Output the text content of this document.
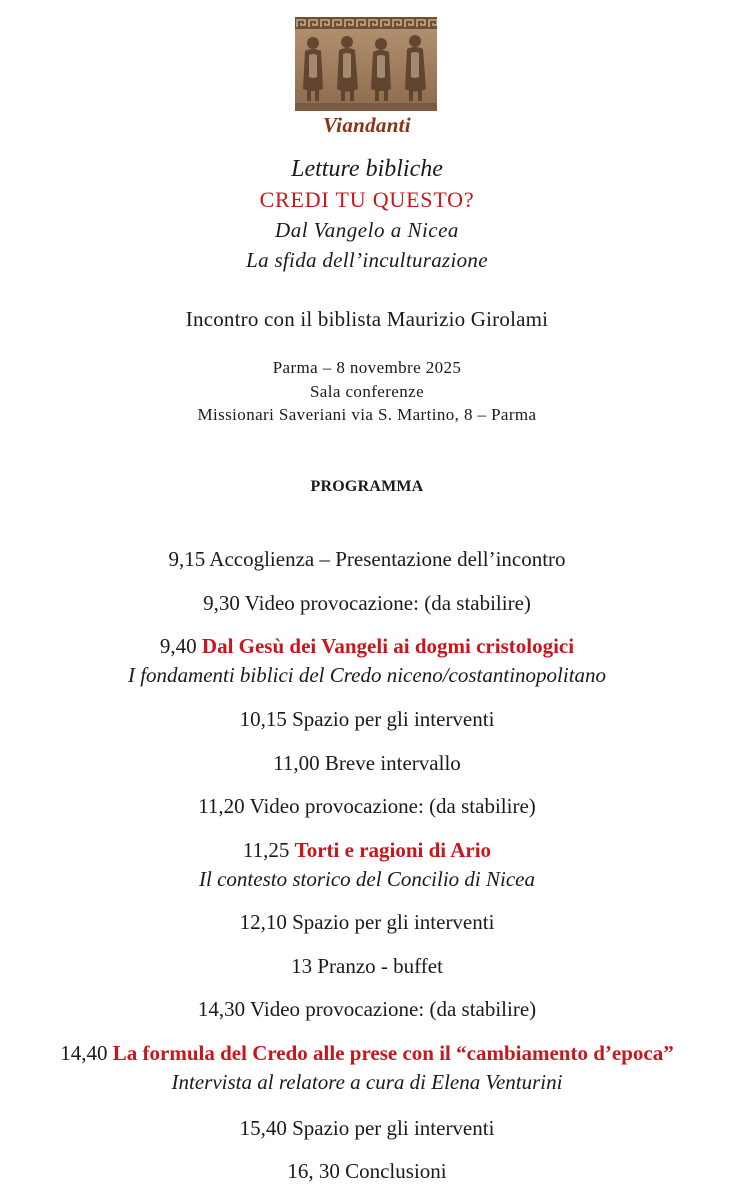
Viandanti
Letture bibliche
CREDI TU QUESTO?
Dal Vangelo a Nicea
La sfida dell’inculturazione
Incontro con il biblista Maurizio Girolami
Parma – 8 novembre 2025
Sala conferenze
Missionari Saveriani via S. Martino, 8 – Parma
PROGRAMMA
9,15 Accoglienza – Presentazione dell’incontro
9,30 Video provocazione: (da stabilire)
9,40 Dal Gesù dei Vangeli ai dogmi cristologici
I fondamenti biblici del Credo niceno/costantinopolitano
10,15 Spazio per gli interventi
11,00 Breve intervallo
11,20 Video provocazione: (da stabilire)
11,25 Torti e ragioni di Ario
Il contesto storico del Concilio di Nicea
12,10 Spazio per gli interventi
13 Pranzo - buffet
14,30 Video provocazione: (da stabilire)
14,40 La formula del Credo alle prese con il “cambiamento d’epoca”
Intervista al relatore a cura di Elena Venturini
15,40 Spazio per gli interventi
16, 30 Conclusioni
